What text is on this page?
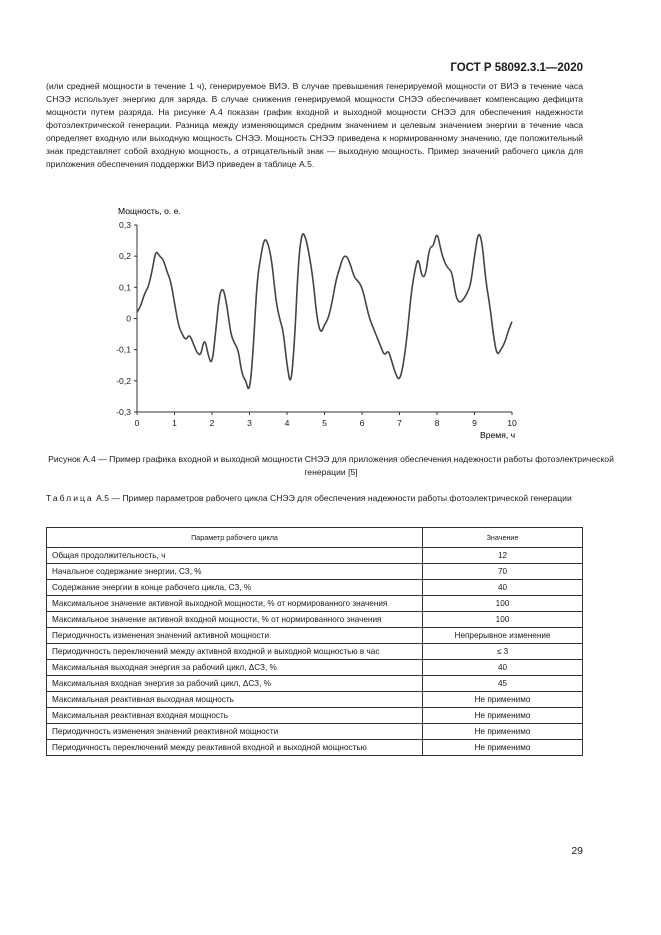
ГОСТ Р 58092.3.1—2020

(или средней мощности в течение 1 ч), генерируемое ВИЭ. В случае превышения генерируемой мощности от ВИЭ в течение часа СНЭЭ использует энергию для заряда. В случае снижения генерируемой мощности СНЭЭ обеспечивает компенсацию дефицита мощности путем разряда. На рисунке А.4 показан график входной и выходной мощности СНЭЭ для обеспечения надежности фотоэлектрической генерации. Разница между изменяющимся средним значением и целевым значением энергии в течение часа определяет входную или выходную мощность СНЭЭ. Мощность СНЭЭ приведена к нормированному значению, где положительный знак представляет собой входную мощность, а отрицательный знак — выходную мощность. Пример значений рабочего цикла для приложения обеспечения поддержки ВИЭ приведен в таблице А.5.

0,3
0,2
0,1
0
-0,1
-0,2
-0,3
0	1	2	3	4	5	6	7	8	9	10
Мощность, о. е.
Время, ч
Рисунок А.4 — Пример графика входной и выходной мощности СНЭЭ для приложения обеспечения надежности работы фотоэлектрической генерации [5]
Таблица А.5 — Пример параметров рабочего цикла СНЭЭ для обеспечения надежности работы фотоэлектрической генерации
Параметр рабочего цикла	Значение
Общая продолжительность, ч	12
Начальное содержание энергии, СЗ, %	70
Содержание энергии в конце рабочего цикла, СЗ, %	40
Максимальное значение активной выходной мощности, % от нормированного значения	100
Максимальное значение активной входной мощности, % от нормированного значения	100
Периодичность изменения значений активной мощности	Непрерывное изменение
Периодичность переключений между активной входной и выходной мощностью в час	≤ 3
Максимальная выходная энергия за рабочий цикл, ΔСЗ, %	40
Максимальная входная энергия за рабочий цикл, ΔСЗ, %	45
Максимальная реактивная выходная мощность	Не применимо
Максимальная реактивная входная мощность	Не применимо
Периодичность изменения значений реактивной мощности	Не применимо
Периодичность переключений между реактивной входной и выходной мощностью	Не применимо
29
